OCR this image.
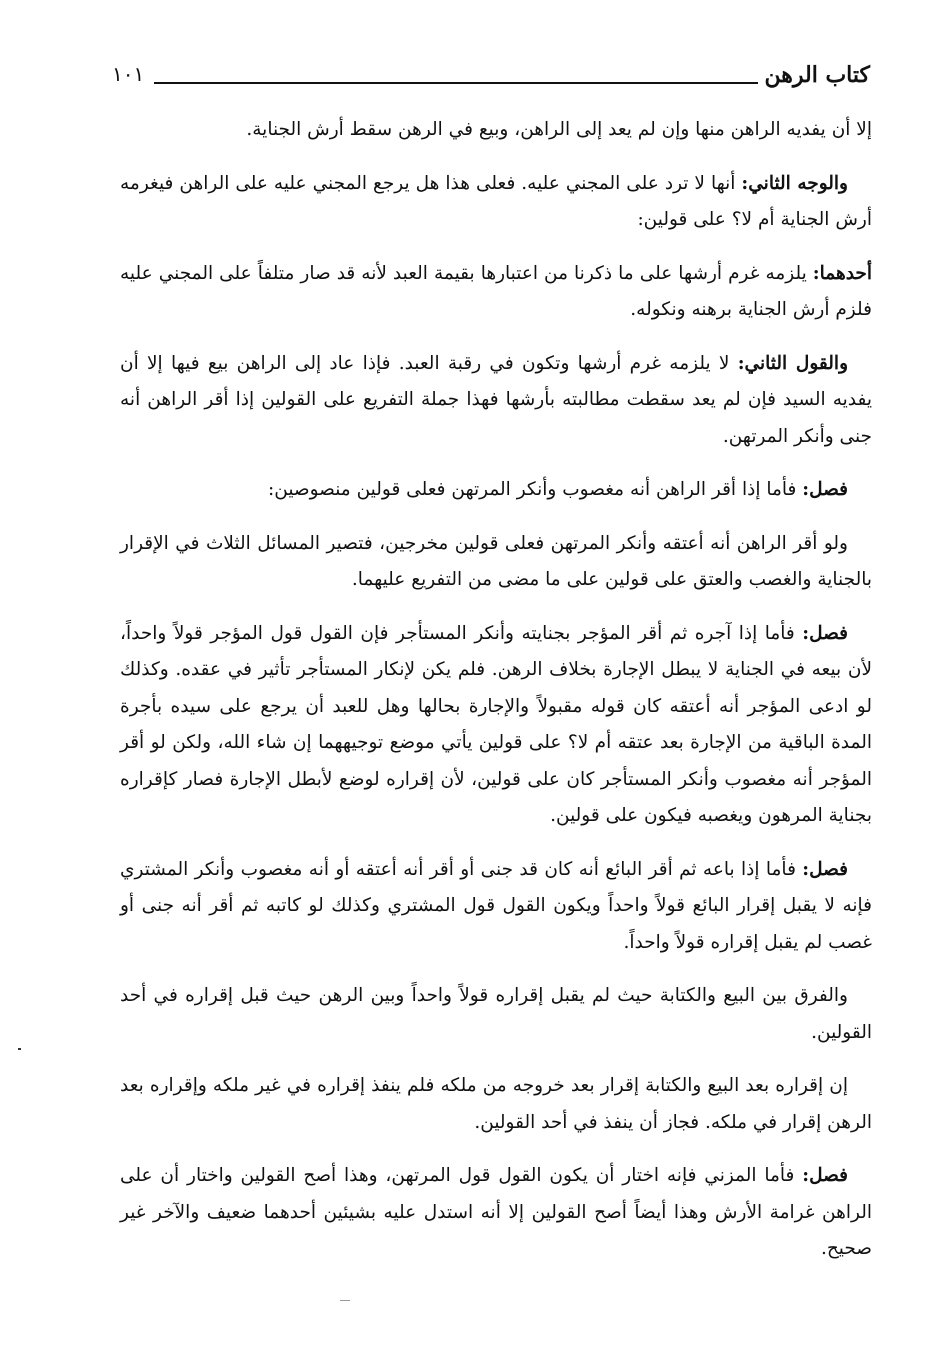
كتاب الرهن
١٠١

إلا أن يفديه الراهن منها وإن لم يعد إلى الراهن، وبيع في الرهن سقط أرش الجناية.

والوجه الثاني: أنها لا ترد على المجني عليه. فعلى هذا هل يرجع المجني عليه على الراهن فيغرمه أرش الجناية أم لا؟ على قولين:

أحدهما: يلزمه غرم أرشها على ما ذكرنا من اعتبارها بقيمة العبد لأنه قد صار متلفاً على المجني عليه فلزم أرش الجناية برهنه ونكوله.

والقول الثاني: لا يلزمه غرم أرشها وتكون في رقبة العبد. فإذا عاد إلى الراهن بيع فيها إلا أن يفديه السيد فإن لم يعد سقطت مطالبته بأرشها فهذا جملة التفريع على القولين إذا أقر الراهن أنه جنى وأنكر المرتهن.

فصل: فأما إذا أقر الراهن أنه مغصوب وأنكر المرتهن فعلى قولين منصوصين:

ولو أقر الراهن أنه أعتقه وأنكر المرتهن فعلى قولين مخرجين، فتصير المسائل الثلاث في الإقرار بالجناية والغصب والعتق على قولين على ما مضى من التفريع عليهما.

فصل: فأما إذا آجره ثم أقر المؤجر بجنايته وأنكر المستأجر فإن القول قول المؤجر قولاً واحداً، لأن بيعه في الجناية لا يبطل الإجارة بخلاف الرهن. فلم يكن لإنكار المستأجر تأثير في عقده. وكذلك لو ادعى المؤجر أنه أعتقه كان قوله مقبولاً والإجارة بحالها وهل للعبد أن يرجع على سيده بأجرة المدة الباقية من الإجارة بعد عتقه أم لا؟ على قولين يأتي موضع توجيههما إن شاء الله، ولكن لو أقر المؤجر أنه مغصوب وأنكر المستأجر كان على قولين، لأن إقراره لوضع لأبطل الإجارة فصار كإقراره بجناية المرهون ويغصبه فيكون على قولين.

فصل: فأما إذا باعه ثم أقر البائع أنه كان قد جنى أو أقر أنه أعتقه أو أنه مغصوب وأنكر المشتري فإنه لا يقبل إقرار البائع قولاً واحداً ويكون القول قول المشتري وكذلك لو كاتبه ثم أقر أنه جنى أو غصب لم يقبل إقراره قولاً واحداً.

والفرق بين البيع والكتابة حيث لم يقبل إقراره قولاً واحداً وبين الرهن حيث قبل إقراره في أحد القولين.

إن إقراره بعد البيع والكتابة إقرار بعد خروجه من ملكه فلم ينفذ إقراره في غير ملكه وإقراره بعد الرهن إقرار في ملكه. فجاز أن ينفذ في أحد القولين.

فصل: فأما المزني فإنه اختار أن يكون القول قول المرتهن، وهذا أصح القولين واختار أن على الراهن غرامة الأرش وهذا أيضاً أصح القولين إلا أنه استدل عليه بشيئين أحدهما ضعيف والآخر غير صحيح.
